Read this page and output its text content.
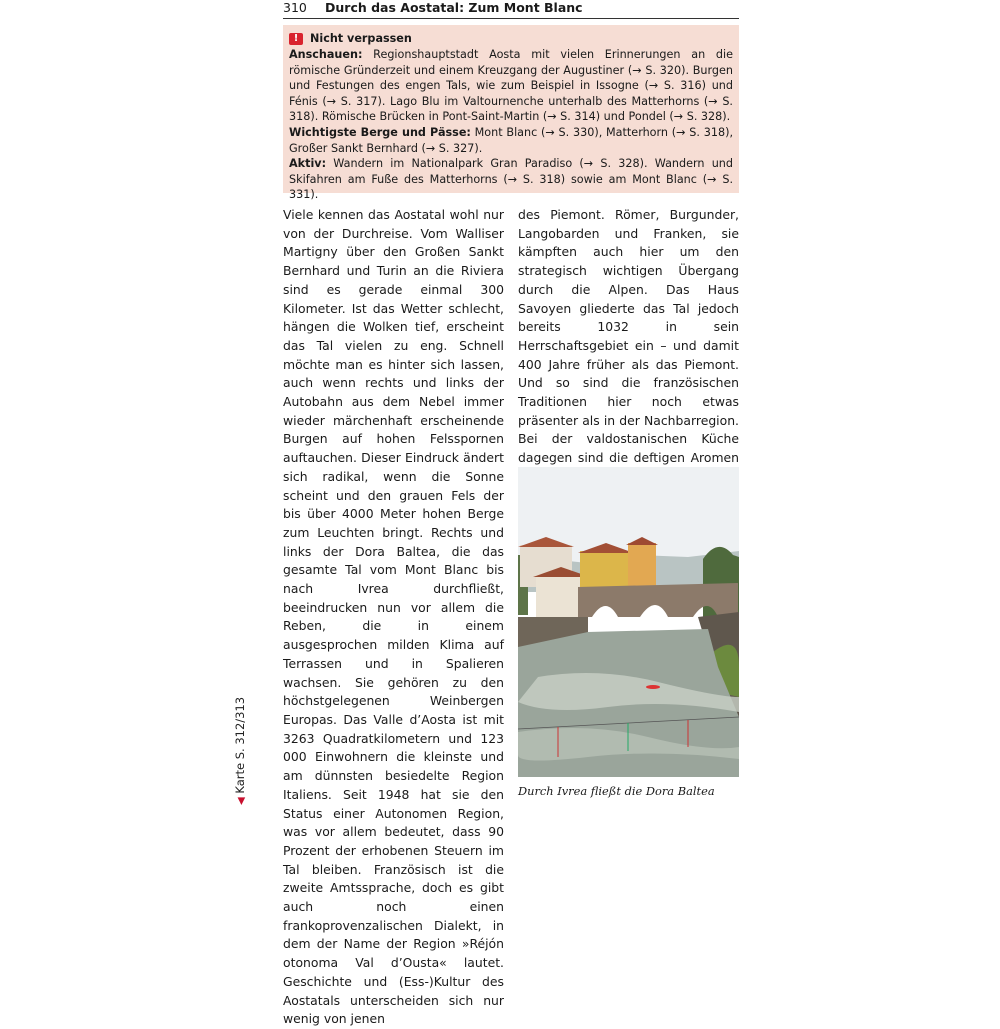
310 Durch das Aostatal: Zum Mont Blanc
!	Nicht verpassen

Anschauen: Regionshauptstadt Aosta mit vielen Erinnerungen an die römische Gründerzeit und einem Kreuzgang der Augustiner (→ S. 320). Burgen und Festungen des engen Tals, wie zum Beispiel in Issogne (→ S. 316) und Fénis (→ S. 317). Lago Blu im Valtournenche unterhalb des Matterhorns (→ S. 318). Römische Brücken in Pont-Saint-Martin (→ S. 314) und Pondel (→ S. 328).

Wichtigste Berge und Pässe: Mont Blanc (→ S. 330), Matterhorn (→ S. 318), Großer Sankt Bernhard (→ S. 327).

Aktiv: Wandern im Nationalpark Gran Paradiso (→ S. 328). Wandern und Skifahren am Fuße des Matterhorns (→ S. 318) sowie am Mont Blanc (→ S. 331).

Viele kennen das Aostatal wohl nur von der Durchreise. Vom Walliser Martigny über den Großen Sankt Bernhard und Turin an die Riviera sind es gerade einmal 300 Kilometer. Ist das Wetter schlecht, hängen die Wolken tief, erscheint das Tal vielen zu eng. Schnell möchte man es hinter sich lassen, auch wenn rechts und links der Autobahn aus dem Nebel immer wieder märchenhaft erscheinende Burgen auf hohen Felsspornen auftauchen. Dieser Eindruck ändert sich radikal, wenn die Sonne scheint und den grauen Fels der bis über 4000 Meter hohen Berge zum Leuchten bringt. Rechts und links der Dora Baltea, die das gesamte Tal vom Mont Blanc bis nach Ivrea durchfließt, beeindrucken nun vor allem die Reben, die in einem ausgesprochen milden Klima auf Terrassen und in Spalieren wachsen. Sie gehören zu den höchstgelegenen Weinbergen Europas. Das Valle d’Aosta ist mit 3263 Quadratkilometern und 123 000 Einwohnern die kleinste und am dünnsten besiedelte Region Italiens. Seit 1948 hat sie den Status einer Autonomen Region, was vor allem bedeutet, dass 90 Prozent der erhobenen Steuern im Tal bleiben. Französisch ist die zweite Amtssprache, doch es gibt auch noch einen frankoprovenzalischen Dialekt, in dem der Name der Region »Réjón otonoma Val d’Ousta« lautet. Geschichte und (Ess-)Kultur des Aostatals unterscheiden sich nur wenig von jenen

des Piemont. Römer, Burgunder, Langobarden und Franken, sie kämpften auch hier um den strategisch wichtigen Übergang durch die Alpen. Das Haus Savoyen gliederte das Tal jedoch bereits 1032 in sein Herrschaftsgebiet ein – und damit 400 Jahre früher als das Piemont. Und so sind die französischen Traditionen hier noch etwas präsenter als in der Nachbarregion. Bei der valdostanischen Küche dagegen sind die deftigen Aromen

Durch Ivrea fließt die Dora Baltea
◀ Karte S. 312/313
